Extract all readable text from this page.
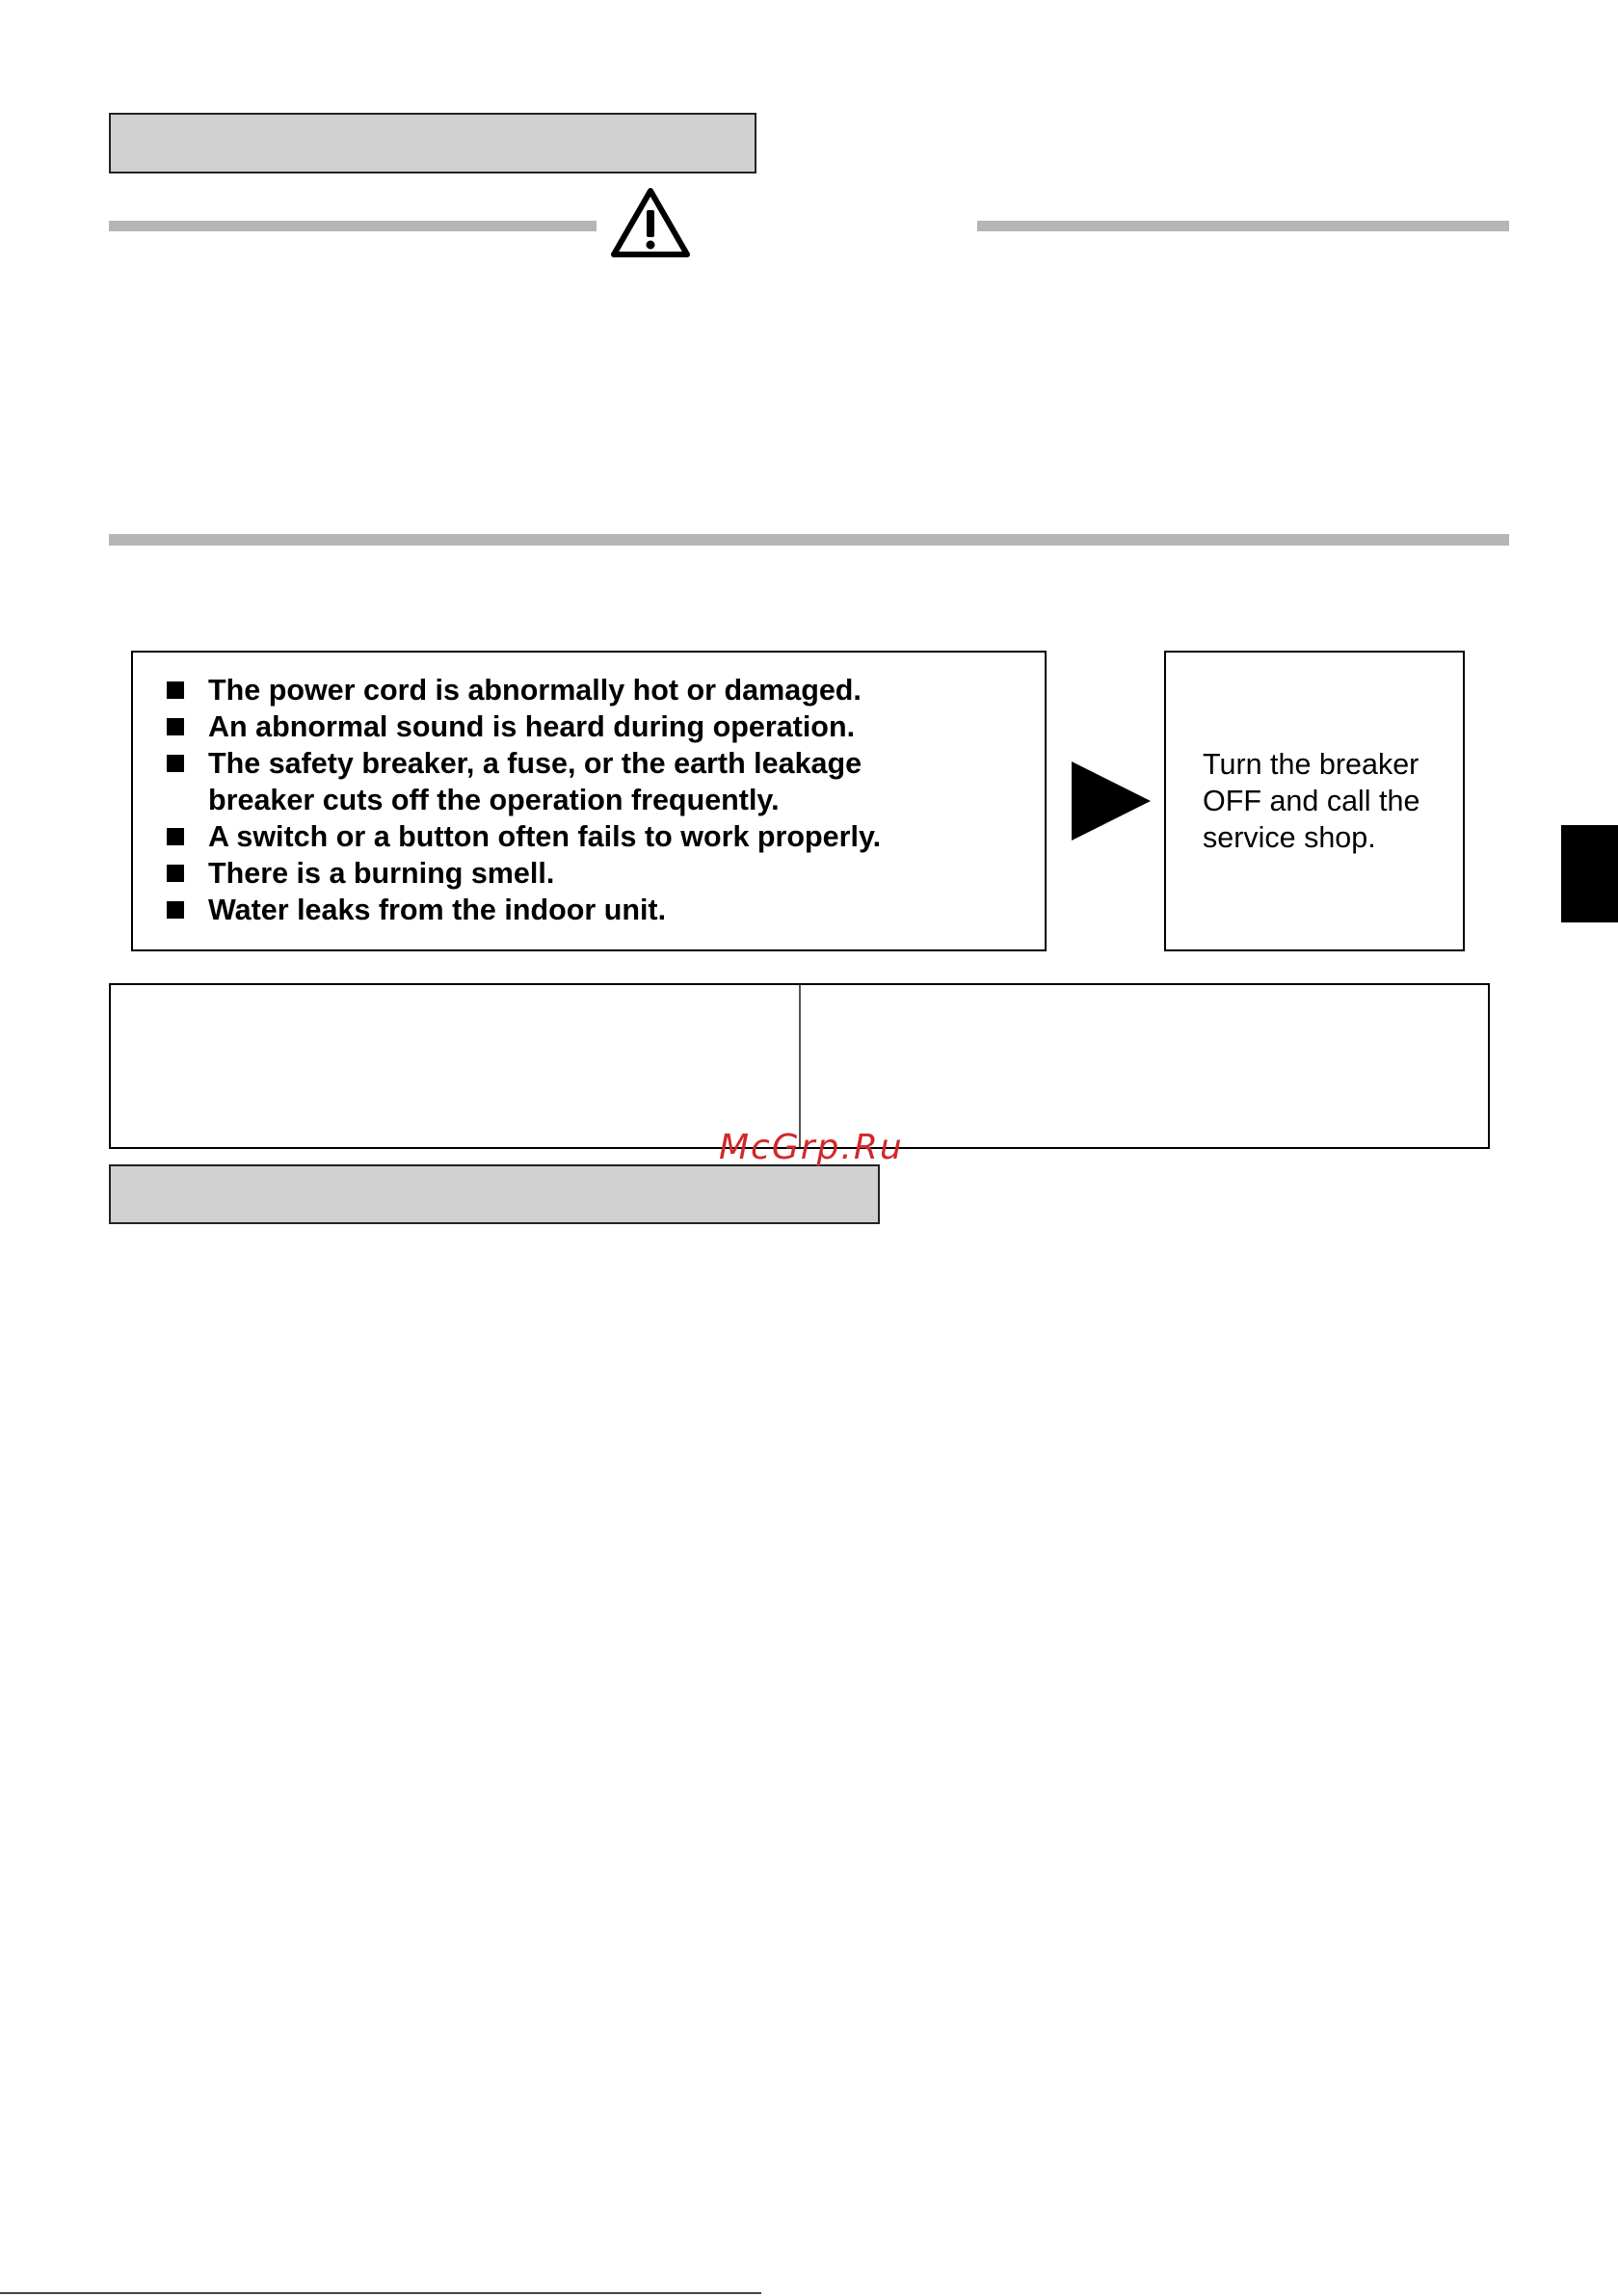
The power cord is abnormally hot or damaged.
An abnormal sound is heard during operation.
The safety breaker, a fuse, or the earth leakage
breaker cuts off the operation frequently.
A switch or a button often fails to work properly.
There is a burning smell.
Water leaks from the indoor unit.

Turn the breaker
OFF and call the
service shop.

McGrp.Ru
